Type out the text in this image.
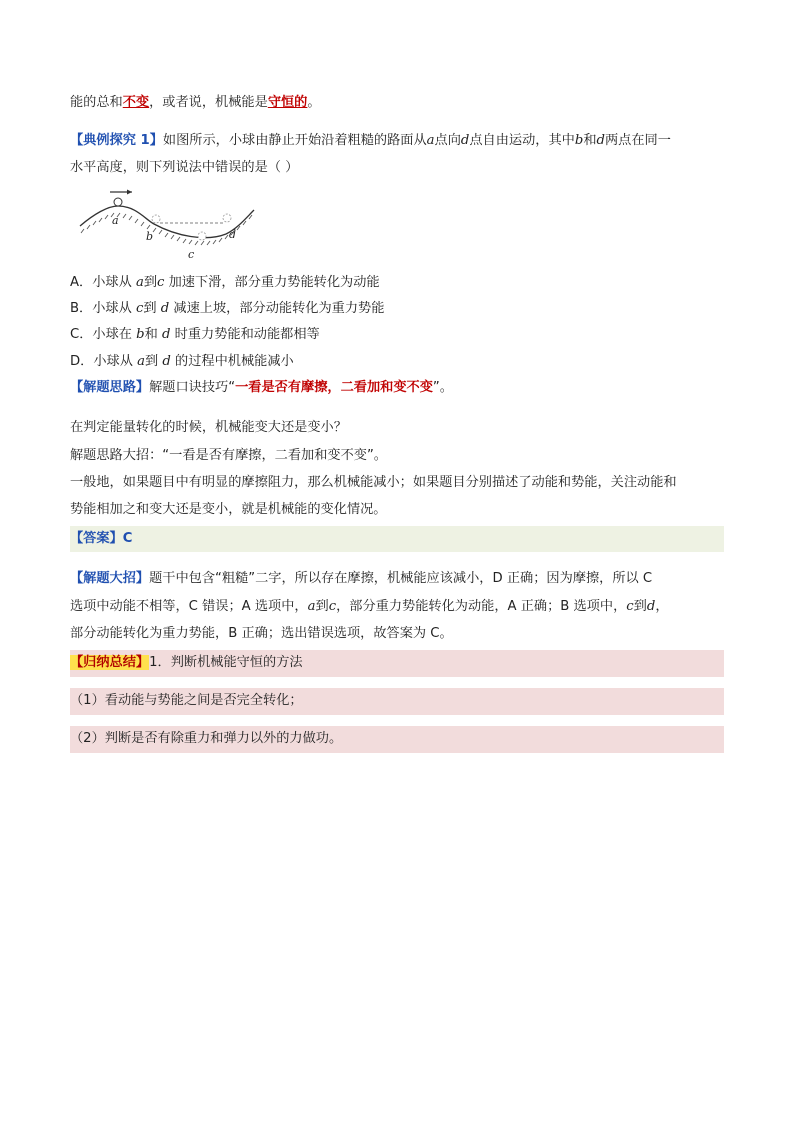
能的总和不变，或者说，机械能是守恒的。
【典例探究 1】如图所示，小球由静止开始沿着粗糙的路面从a点向d点自由运动，其中b和d两点在同一
水平高度，则下列说法中错误的是（ ）
a
b
c
d
A．小球从 a到c 加速下滑，部分重力势能转化为动能
B．小球从 c到 d 减速上坡，部分动能转化为重力势能
C．小球在 b和 d 时重力势能和动能都相等
D．小球从 a到 d 的过程中机械能减小
【解题思路】解题口诀技巧“一看是否有摩擦，二看加和变不变”。
在判定能量转化的时候，机械能变大还是变小？
解题思路大招：“一看是否有摩擦，二看加和变不变”。
一般地，如果题目中有明显的摩擦阻力，那么机械能减小；如果题目分别描述了动能和势能，关注动能和
势能相加之和变大还是变小，就是机械能的变化情况。
【答案】C
【解题大招】题干中包含“粗糙”二字，所以存在摩擦，机械能应该减小，D 正确；因为摩擦，所以 C
选项中动能不相等，C 错误；A 选项中，a到c，部分重力势能转化为动能，A 正确；B 选项中，c到d，
部分动能转化为重力势能，B 正确；选出错误选项，故答案为 C。
【归纳总结】1．判断机械能守恒的方法
（1）看动能与势能之间是否完全转化；
（2）判断是否有除重力和弹力以外的力做功。
